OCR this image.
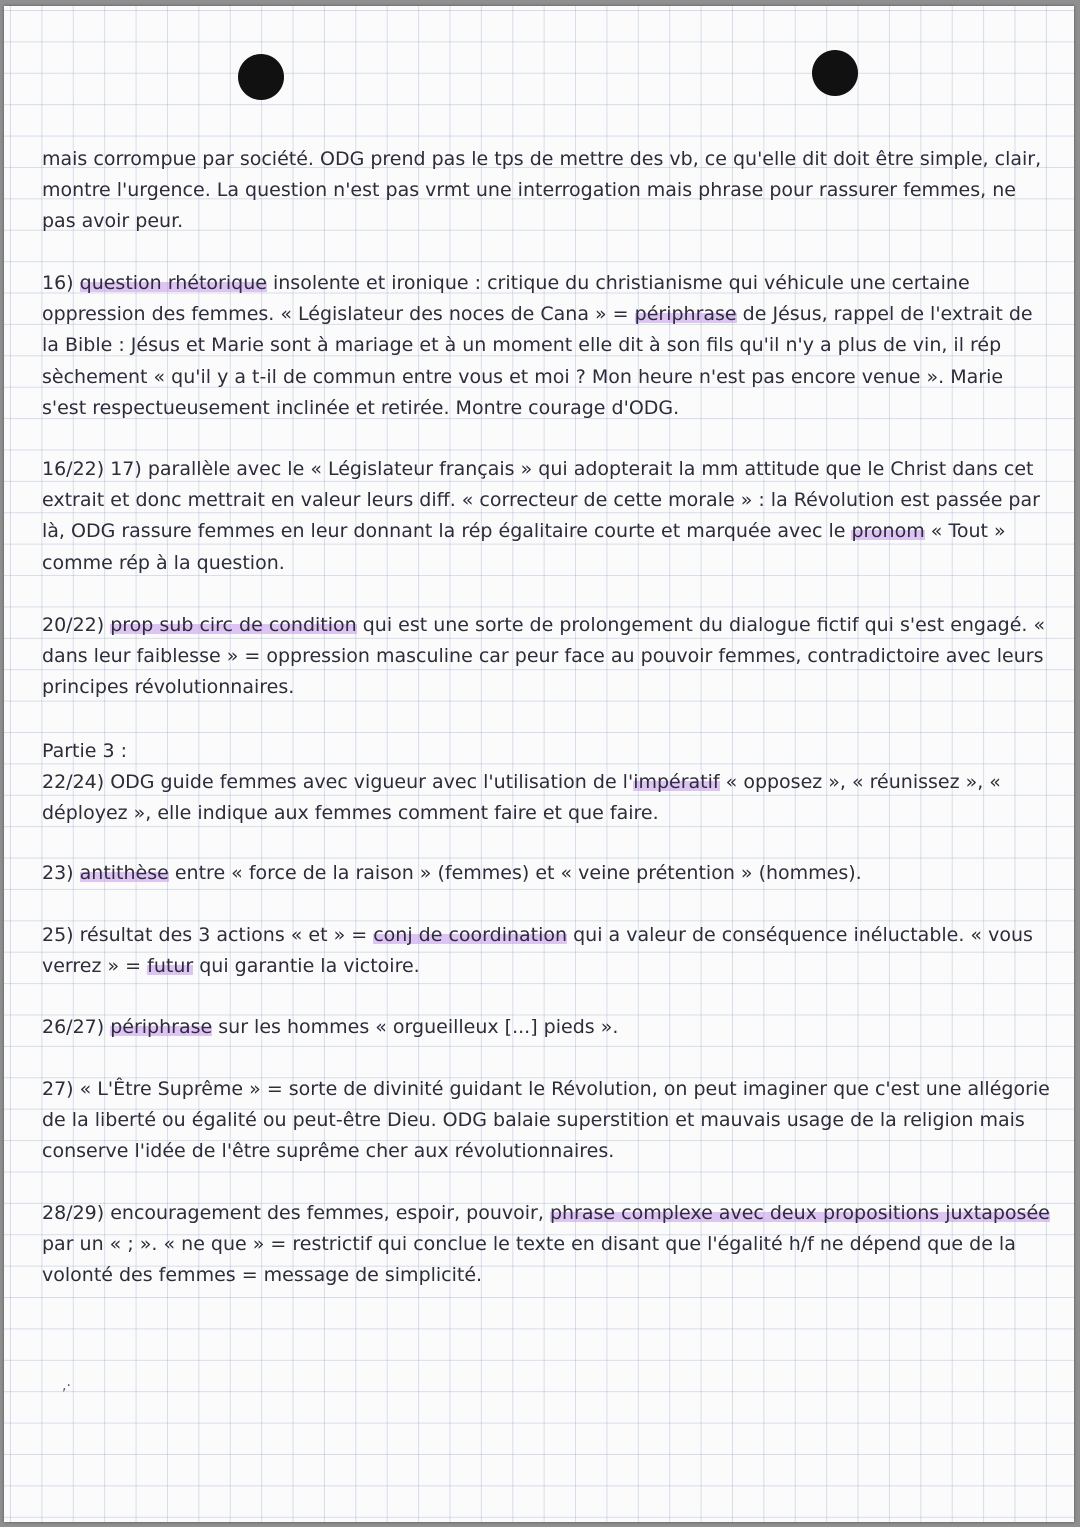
mais corrompue par société. ODG prend pas le tps de mettre des vb, ce qu'elle dit doit être simple, clair, montre l'urgence. La question n'est pas vrmt une interrogation mais phrase pour rassurer femmes, ne pas avoir peur.

16) question rhétorique insolente et ironique : critique du christianisme qui véhicule une certaine oppression des femmes. « Législateur des noces de Cana » = périphrase de Jésus, rappel de l'extrait de la Bible : Jésus et Marie sont à mariage et à un moment elle dit à son fils qu'il n'y a plus de vin, il rép sèchement « qu'il y a t-il de commun entre vous et moi ? Mon heure n'est pas encore venue ». Marie s'est respectueusement inclinée et retirée. Montre courage d'ODG.

16/22) 17) parallèle avec le « Législateur français » qui adopterait la mm attitude que le Christ dans cet extrait et donc mettrait en valeur leurs diff. « correcteur de cette morale » : la Révolution est passée par là, ODG rassure femmes en leur donnant la rép égalitaire courte et marquée avec le pronom « Tout » comme rép à la question.

20/22) prop sub circ de condition qui est une sorte de prolongement du dialogue fictif qui s'est engagé. « dans leur faiblesse » = oppression masculine car peur face au pouvoir femmes, contradictoire avec leurs principes révolutionnaires.

Partie 3 :
22/24) ODG guide femmes avec vigueur avec l'utilisation de l'impératif « opposez », « réunissez », « déployez », elle indique aux femmes comment faire et que faire.

23) antithèse entre « force de la raison » (femmes) et « veine prétention » (hommes).

25) résultat des 3 actions « et » = conj de coordination qui a valeur de conséquence inéluctable. « vous verrez » = futur qui garantie la victoire.

26/27) périphrase sur les hommes « orgueilleux [...] pieds ».

27) « L'Être Suprême » = sorte de divinité guidant le Révolution, on peut imaginer que c'est une allégorie de la liberté ou égalité ou peut-être Dieu. ODG balaie superstition et mauvais usage de la religion mais conserve l'idée de l'être suprême cher aux révolutionnaires.

28/29) encouragement des femmes, espoir, pouvoir, phrase complexe avec deux propositions juxtaposée par un « ; ». « ne que » = restrictif qui conclue le texte en disant que l'égalité h/f ne dépend que de la volonté des femmes = message de simplicité.

,·
